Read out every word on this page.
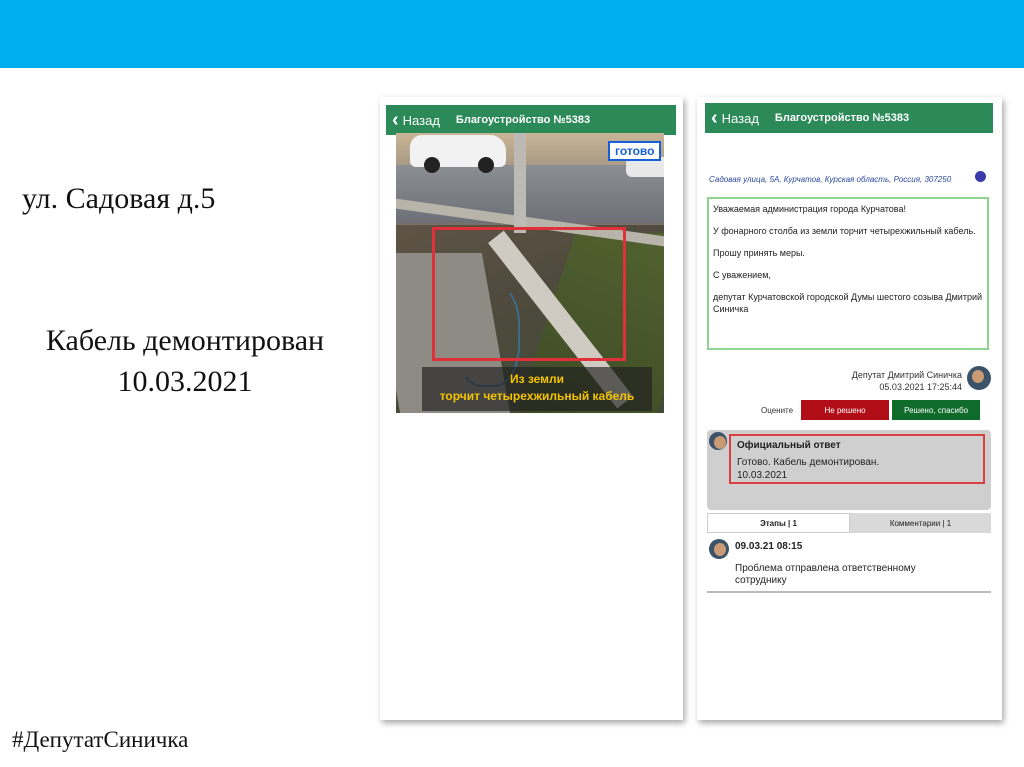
ул. Садовая д.5
Кабель демонтирован
10.03.2021
#ДепутатСиничка
‹ Назад Благоустройство №5383
готово
Из земли
торчит четырехжильный кабель
‹ Назад Благоустройство №5383
Садовая улица, 5А, Курчатов, Курская область, Россия, 307250

Уважаемая администрация города Курчатова!

У фонарного столба из земли торчит четырехжильный кабель.

Прошу принять меры.

С уважением,

депутат Курчатовской городской Думы шестого созыва Дмитрий Синичка

Депутат Дмитрий Синичка
05.03.2021 17:25:44
Оцените	Не решено	Решено, спасибо
Официальный ответ
Готово. Кабель демонтирован.
10.03.2021
Этапы | 1	Комментарии | 1
09.03.21 08:15
Проблема отправлена ответственному сотруднику
